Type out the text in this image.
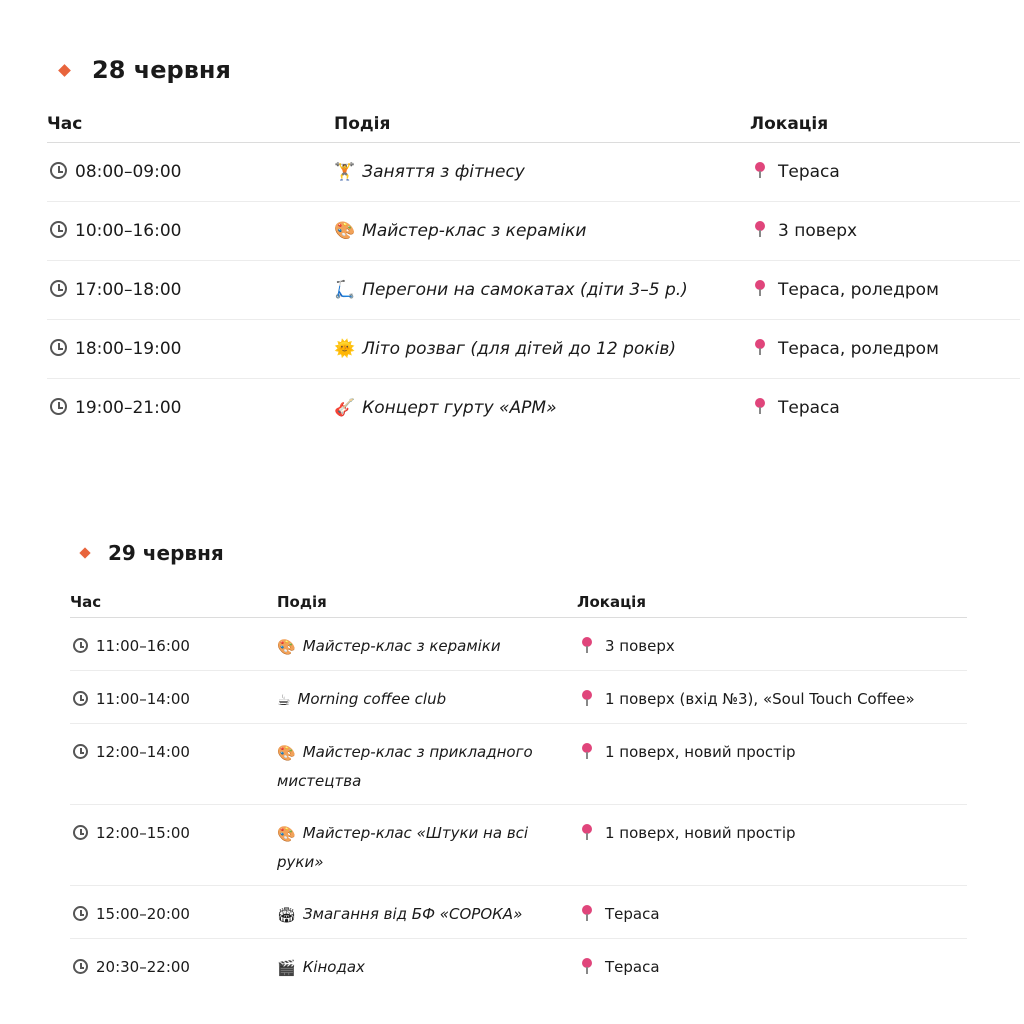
28 червня
Час	Подія	Локація
08:00–09:00	🏋 Заняття з фітнесу	Тераса
10:00–16:00	🎨 Майстер-клас з кераміки	3 поверх
17:00–18:00	🛴 Перегони на самокатах (діти 3–5 р.)	Тераса, роледром
18:00–19:00	🌞 Літо розваг (для дітей до 12 років)	Тераса, роледром
19:00–21:00	🎸 Концерт гурту «АРМ»	Тераса
29 червня
Час	Подія	Локація
11:00–16:00	🎨 Майстер-клас з кераміки	3 поверх
11:00–14:00	☕ Morning coffee club	1 поверх (вхід №3), «Soul Touch Coffee»
12:00–14:00	🎨 Майстер-клас з прикладного мистецтва	1 поверх, новий простір
12:00–15:00	🎨 Майстер-клас «Штуки на всі руки»	1 поверх, новий простір
15:00–20:00	🏟 Змагання від БФ «СОРОКА»	Тераса
20:30–22:00	🎬 Кінодах	Тераса
